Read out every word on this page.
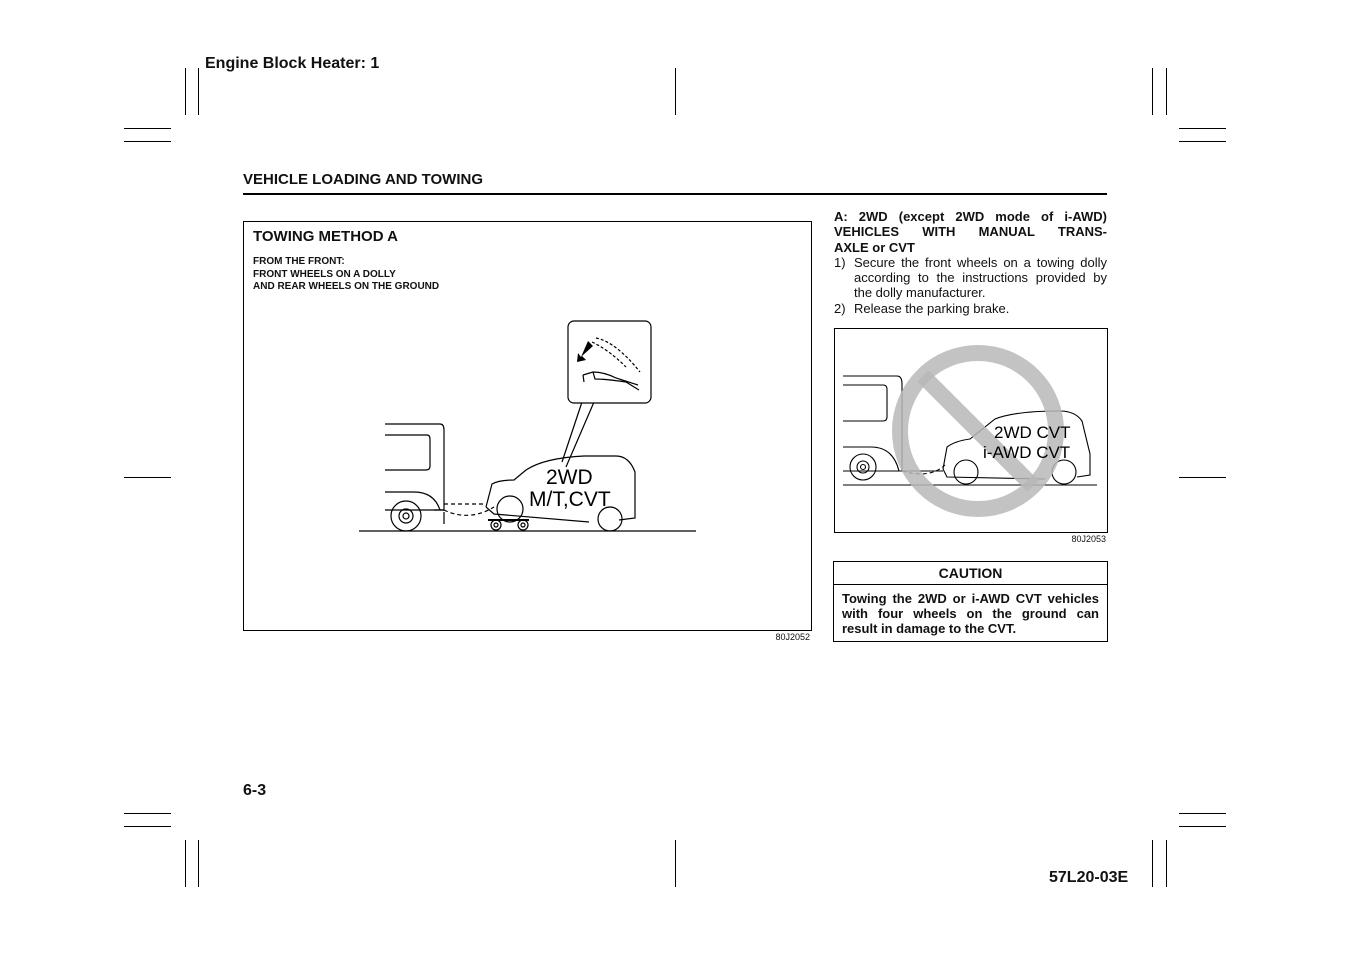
Engine Block Heater: 1
VEHICLE LOADING AND TOWING
2WD
M/T,CVT
TOWING METHOD A
FROM THE FRONT:
FRONT WHEELS ON A DOLLY
AND REAR WHEELS ON THE GROUND
80J2052
A: 2WD (except 2WD mode of i-AWD)
VEHICLES WITH MANUAL TRANS-
AXLE or CVT
1) Secure the front wheels on a towing dolly according to the instructions provided by the dolly manufacturer.
2) Release the parking brake.
2WD CVT
i-AWD CVT
80J2053
CAUTION
Towing the 2WD or i-AWD CVT vehicles with four wheels on the ground can result in damage to the CVT.
6-3
57L20-03E
